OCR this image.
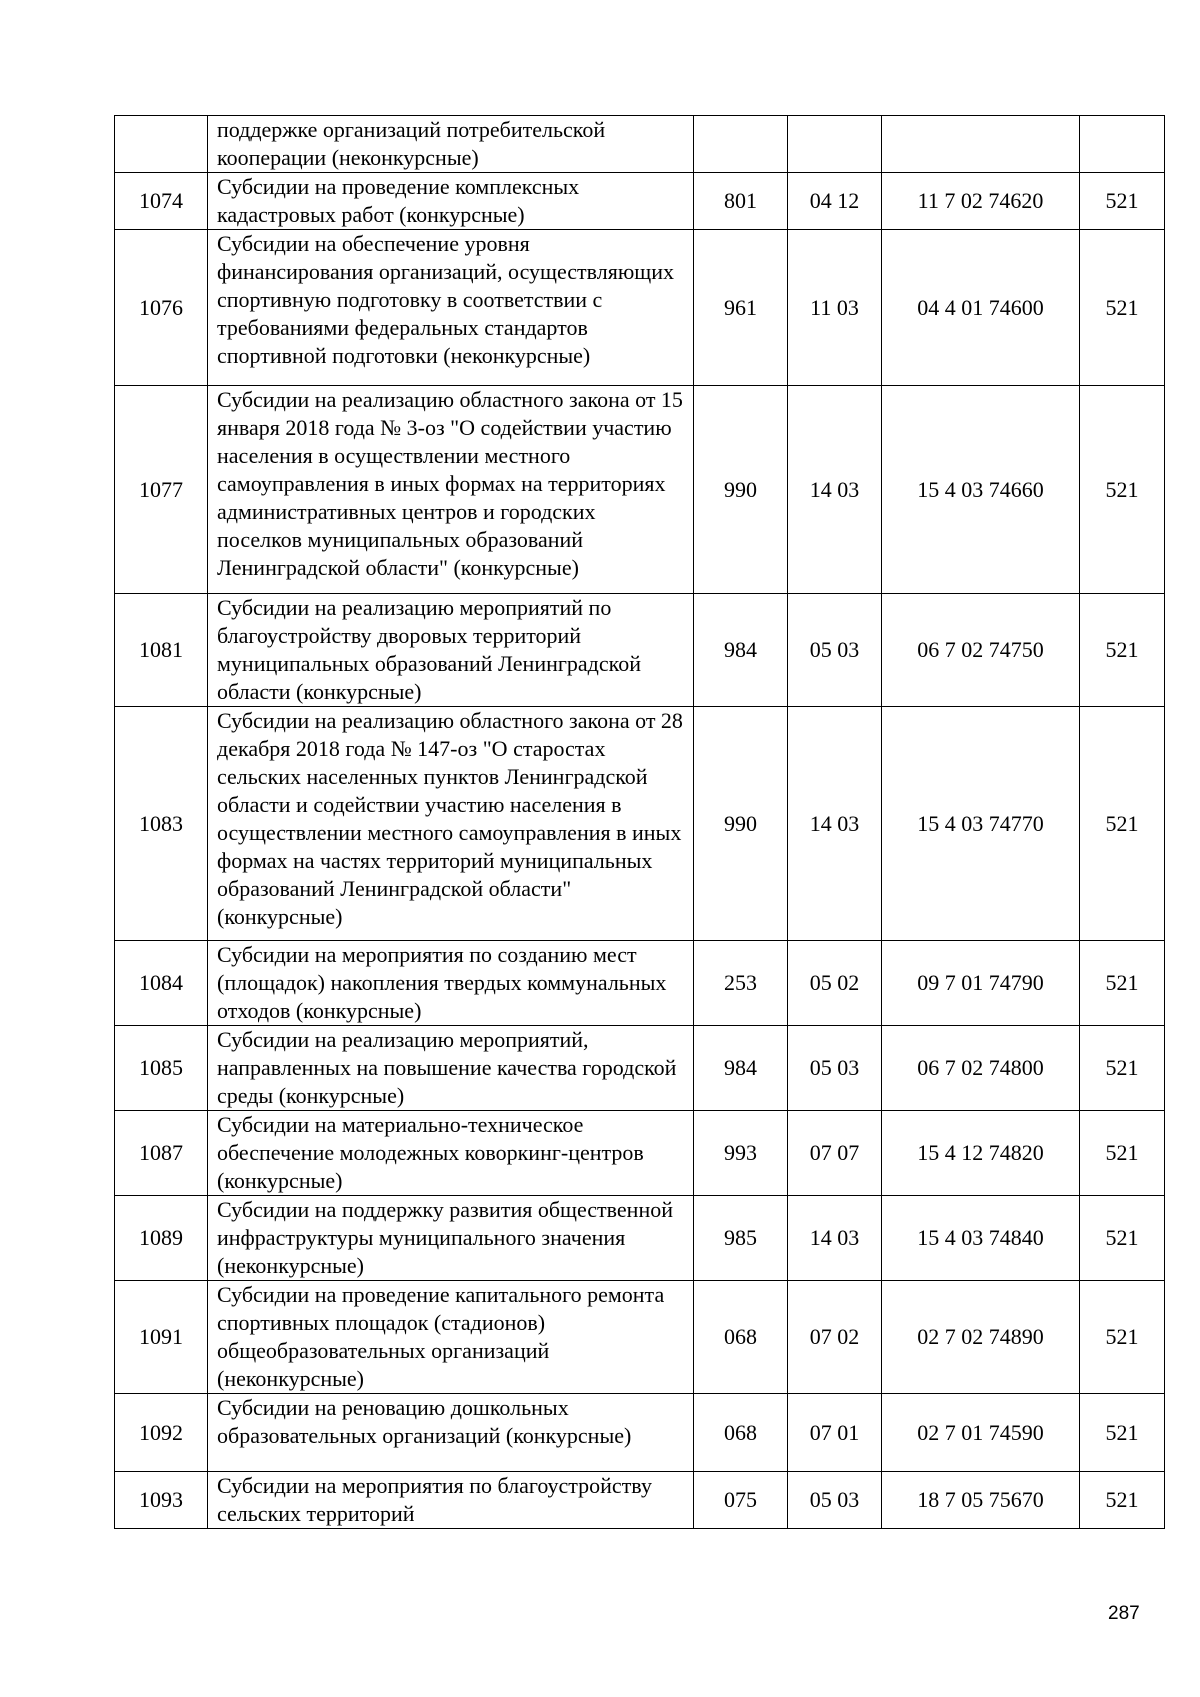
	поддержке организаций потребительской кооперации (неконкурсные)				
1074	Субсидии на проведение комплексных кадастровых работ (конкурсные)	801	04 12	11 7 02 74620	521
1076	Субсидии на обеспечение уровня финансирования организаций, осуществляющих спортивную подготовку в соответствии с требованиями федеральных стандартов спортивной подготовки (неконкурсные)	961	11 03	04 4 01 74600	521
1077	Субсидии на реализацию областного закона от 15 января 2018 года № 3-оз "О содействии участию населения в осуществлении местного самоуправления в иных формах на территориях административных центров и городских поселков муниципальных образований Ленинградской области" (конкурсные)	990	14 03	15 4 03 74660	521
1081	Субсидии на реализацию мероприятий по благоустройству дворовых территорий муниципальных образований Ленинградской области (конкурсные)	984	05 03	06 7 02 74750	521
1083	Субсидии на реализацию областного закона от 28 декабря 2018 года № 147-оз "О старостах сельских населенных пунктов Ленинградской области и содействии участию населения в осуществлении местного самоуправления в иных формах на частях территорий муниципальных образований Ленинградской области" (конкурсные)	990	14 03	15 4 03 74770	521
1084	Субсидии на мероприятия по созданию мест (площадок) накопления твердых коммунальных отходов (конкурсные)	253	05 02	09 7 01 74790	521
1085	Субсидии на реализацию мероприятий, направленных на повышение качества городской среды (конкурсные)	984	05 03	06 7 02 74800	521
1087	Субсидии на материально-техническое обеспечение молодежных коворкинг-центров (конкурсные)	993	07 07	15 4 12 74820	521
1089	Субсидии на поддержку развития общественной инфраструктуры муниципального значения (неконкурсные)	985	14 03	15 4 03 74840	521
1091	Субсидии на проведение капитального ремонта спортивных площадок (стадионов) общеобразовательных организаций (неконкурсные)	068	07 02	02 7 02 74890	521
1092	Субсидии на реновацию дошкольных образовательных организаций (конкурсные)	068	07 01	02 7 01 74590	521
1093	Субсидии на мероприятия по благоустройству сельских территорий	075	05 03	18 7 05 75670	521
287
